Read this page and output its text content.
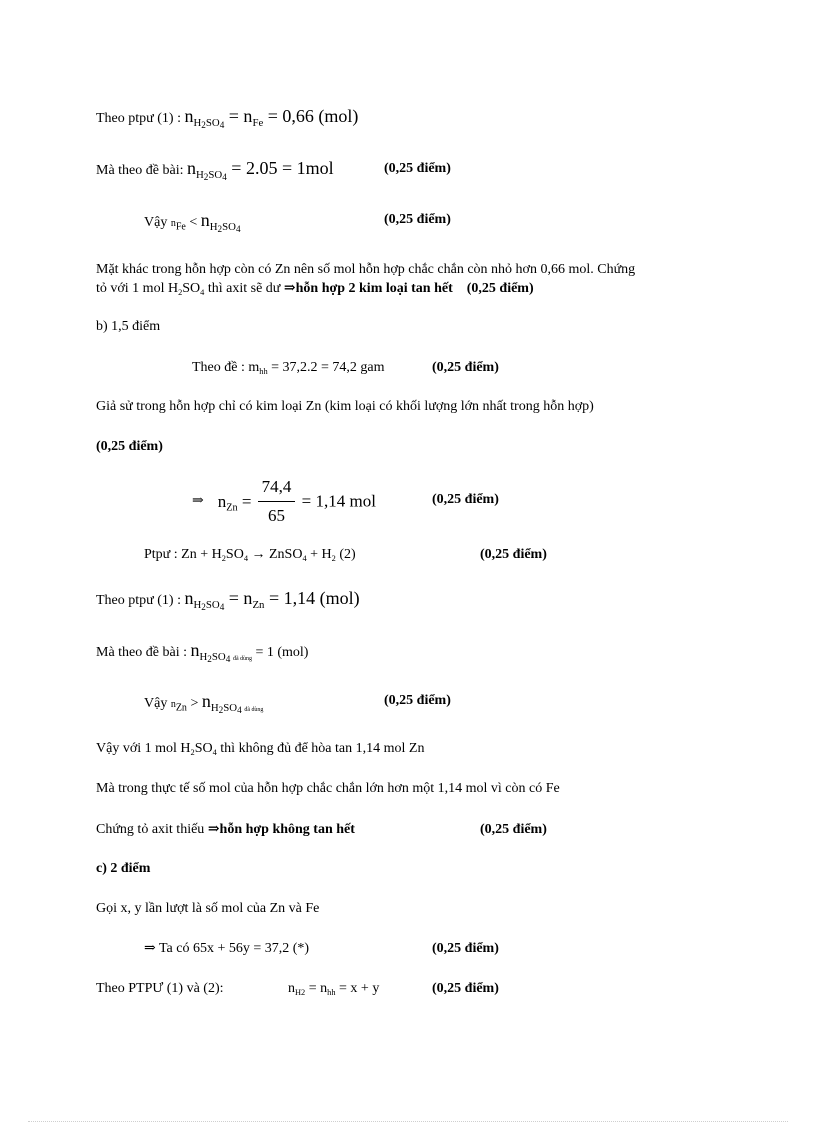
Theo ptpư (1) : $n_{H_2SO_4} = n_{Fe} = 0,66$ (mol)
Mà theo đề bài: $n_{H_2SO_4} = 2.05 = 1mol$	(0,25 điểm)
Vậy $n_{Fe} < n_{H_2SO_4}$
(0,25 điểm)
Mặt khác trong hỗn hợp còn có Zn nên số mol hỗn hợp chắc chắn còn nhỏ hơn 0,66 mol. Chứng
tỏ với 1 mol $H_2SO_4$ thì axit sẽ dư ⇒hỗn hợp 2 kim loại tan hết (0,25 điểm)
b) 1,5 điểm
Theo đề : $m_{hh} = 37,2.2 = 74,2$ gam	(0,25 điểm)
Giả sử trong hỗn hợp chỉ có kim loại Zn (kim loại có khối lượng lớn nhất trong hỗn hợp)
(0,25 điểm)
⇒ $n_{Zn} = \frac{74,4}{65} = 1,14$ mol	(0,25 điểm)
Ptpư : $Zn + H_2SO_4$ → ZnSO$_4$ + $H_2$ (2)	(0,25 điểm)
Theo ptpư (1) : $n_{H_2SO_4} = n_{Zn} = 1,14$ (mol)
Mà theo đề bài : $n_{H_2SO_4 đã dùng} = 1$ (mol)
Vậy $n_{Zn} > n_{H_2SO_4 đã dùng}$
(0,25 điểm)
Vậy với 1 mol $H_2SO_4$ thì không đủ để hòa tan 1,14 mol Zn
Mà trong thực tế số mol của hỗn hợp chắc chắn lớn hơn một 1,14 mol vì còn có Fe
Chứng tỏ axit thiếu ⇒hỗn hợp không tan hết	(0,25 điểm)
c) 2 điểm
Gọi x, y lần lượt là số mol của Zn và Fe
⇒ Ta có 65x + 56y = 37,2 (*)	(0,25 điểm)
Theo PTPƯ (1) và (2):	$n_{H2} = n_{hh} = x + y$	(0,25 điểm)
